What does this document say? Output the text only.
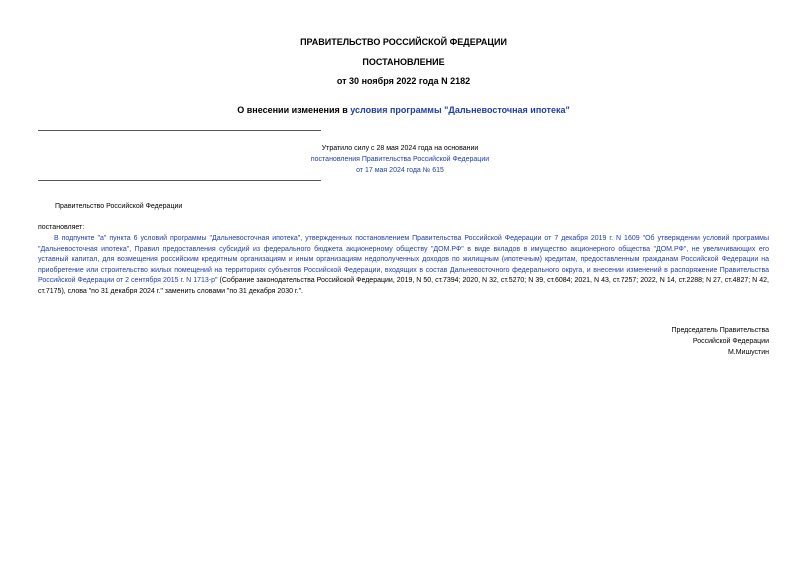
ПРАВИТЕЛЬСТВО РОССИЙСКОЙ ФЕДЕРАЦИИ
ПОСТАНОВЛЕНИЕ
от 30 ноября 2022 года N 2182
О внесении изменения в условия программы "Дальневосточная ипотека"
Утратило силу с 28 мая 2024 года на основании
постановления Правительства Российской Федерации
от 17 мая 2024 года № 615
Правительство Российской Федерации
постановляет:
В подпункте "а" пункта 6 условий программы "Дальневосточная ипотека", утвержденных постановлением Правительства Российской Федерации от 7 декабря 2019 г. N 1609 "Об утверждении условий программы "Дальневосточная ипотека", Правил предоставления субсидий из федерального бюджета акционерному обществу "ДОМ.РФ" в виде вкладов в имущество акционерного общества "ДОМ.РФ", не увеличивающих его уставный капитал, для возмещения российским кредитным организациям и иным организациям недополученных доходов по жилищным (ипотечным) кредитам, предоставленным гражданам Российской Федерации на приобретение или строительство жилых помещений на территориях субъектов Российской Федерации, входящих в состав Дальневосточного федерального округа, и внесении изменений в распоряжение Правительства Российской Федерации от 2 сентября 2015 г. N 1713-р" (Собрание законодательства Российской Федерации, 2019, N 50, ст.7394; 2020, N 32, ст.5270; N 39, ст.6084; 2021, N 43, ст.7257; 2022, N 14, ст.2288; N 27, ст.4827; N 42, ст.7175), слова "по 31 декабря 2024 г." заменить словами "по 31 декабря 2030 г.".
Председатель Правительства
Российской Федерации
М.Мишустин
